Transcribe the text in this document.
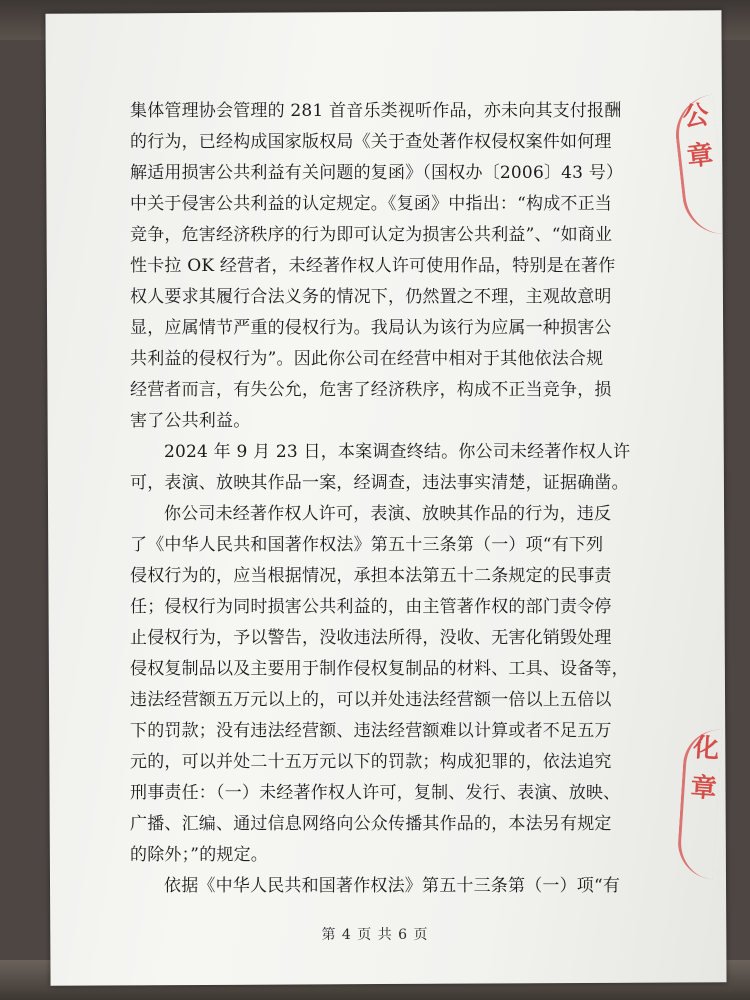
公
章
化
章

集体管理协会管理的 281 首音乐类视听作品，亦未向其支付报酬
的行为，已经构成国家版权局《关于查处著作权侵权案件如何理
解适用损害公共利益有关问题的复函》（国权办〔2006〕43 号）
中关于侵害公共利益的认定规定。《复函》中指出：“构成不正当
竞争，危害经济秩序的行为即可认定为损害公共利益”、“如商业
性卡拉 OK 经营者，未经著作权人许可使用作品，特别是在著作
权人要求其履行合法义务的情况下，仍然置之不理，主观故意明
显，应属情节严重的侵权行为。我局认为该行为应属一种损害公
共利益的侵权行为”。因此你公司在经营中相对于其他依法合规
经营者而言，有失公允，危害了经济秩序，构成不正当竞争，损
害了公共利益。

2024 年 9 月 23 日，本案调查终结。你公司未经著作权人许
可，表演、放映其作品一案，经调查，违法事实清楚，证据确凿。

你公司未经著作权人许可，表演、放映其作品的行为，违反
了《中华人民共和国著作权法》第五十三条第（一）项“有下列
侵权行为的，应当根据情况，承担本法第五十二条规定的民事责
任；侵权行为同时损害公共利益的，由主管著作权的部门责令停
止侵权行为，予以警告，没收违法所得，没收、无害化销毁处理
侵权复制品以及主要用于制作侵权复制品的材料、工具、设备等，
违法经营额五万元以上的，可以并处违法经营额一倍以上五倍以
下的罚款；没有违法经营额、违法经营额难以计算或者不足五万
元的，可以并处二十五万元以下的罚款；构成犯罪的，依法追究
刑事责任：（一）未经著作权人许可，复制、发行、表演、放映、
广播、汇编、通过信息网络向公众传播其作品的，本法另有规定
的除外；”的规定。

依据《中华人民共和国著作权法》第五十三条第（一）项“有

第 4 页 共 6 页
